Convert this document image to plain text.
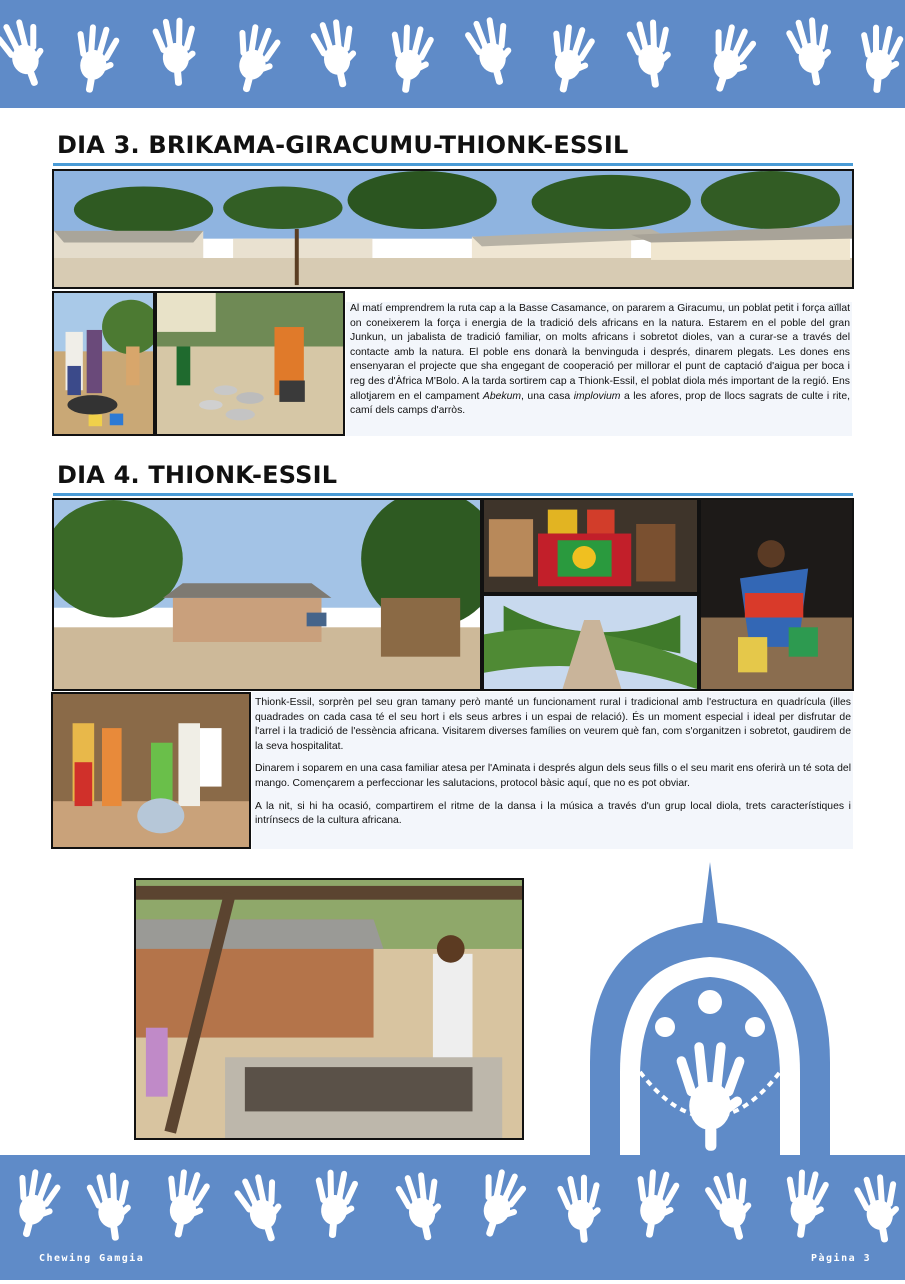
DIA 3. BRIKAMA-GIRACUMU-THIONK-ESSIL

Al matí emprendrem la ruta cap a la Basse Casamance, on pararem a Giracumu, un poblat petit i força aïllat on coneixerem la força i energia de la tradició dels africans en la natura. Estarem en el poble del gran Junkun, un jabalista de tradició familiar, on molts africans i sobretot dioles, van a curar-se a través del contacte amb la natura. El poble ens donarà la benvinguda i després, dinarem plegats. Les dones ens ensenyaran el projecte que sha engegant de cooperació per millorar el punt de captació d'aigua per boca i reg des d'Àfrica M'Bolo. A la tarda sortirem cap a Thionk-Essil, el poblat diola més important de la regió. Ens allotjarem en el campament Abekum, una casa implovium a les afores, prop de llocs sagrats de culte i rite, camí dels camps d'arròs.

DIA 4. THIONK-ESSIL

Thionk-Essil, sorprèn pel seu gran tamany però manté un funcionament rural i tradicional amb l'estructura en quadrícula (illes quadrades on cada casa té el seu hort i els seus arbres i un espai de relació). És un moment especial i ideal per disfrutar de l'arrel i la tradició de l'essència africana. Visitarem diverses famílies on veurem què fan, com s'organitzen i sobretot, gaudirem de la seva hospitalitat.

Dinarem i soparem en una casa familiar atesa per l'Aminata i després algun dels seus fills o el seu marit ens oferirà un té sota del mango. Començarem a perfeccionar les salutacions, protocol bàsic aquí, que no es pot obviar.

A la nit, si hi ha ocasió, compartirem el ritme de la dansa i la música a través d'un grup local diola, trets característiques i intrínsecs de la cultura africana.

Chewing Gamgia	Pàgina 3
